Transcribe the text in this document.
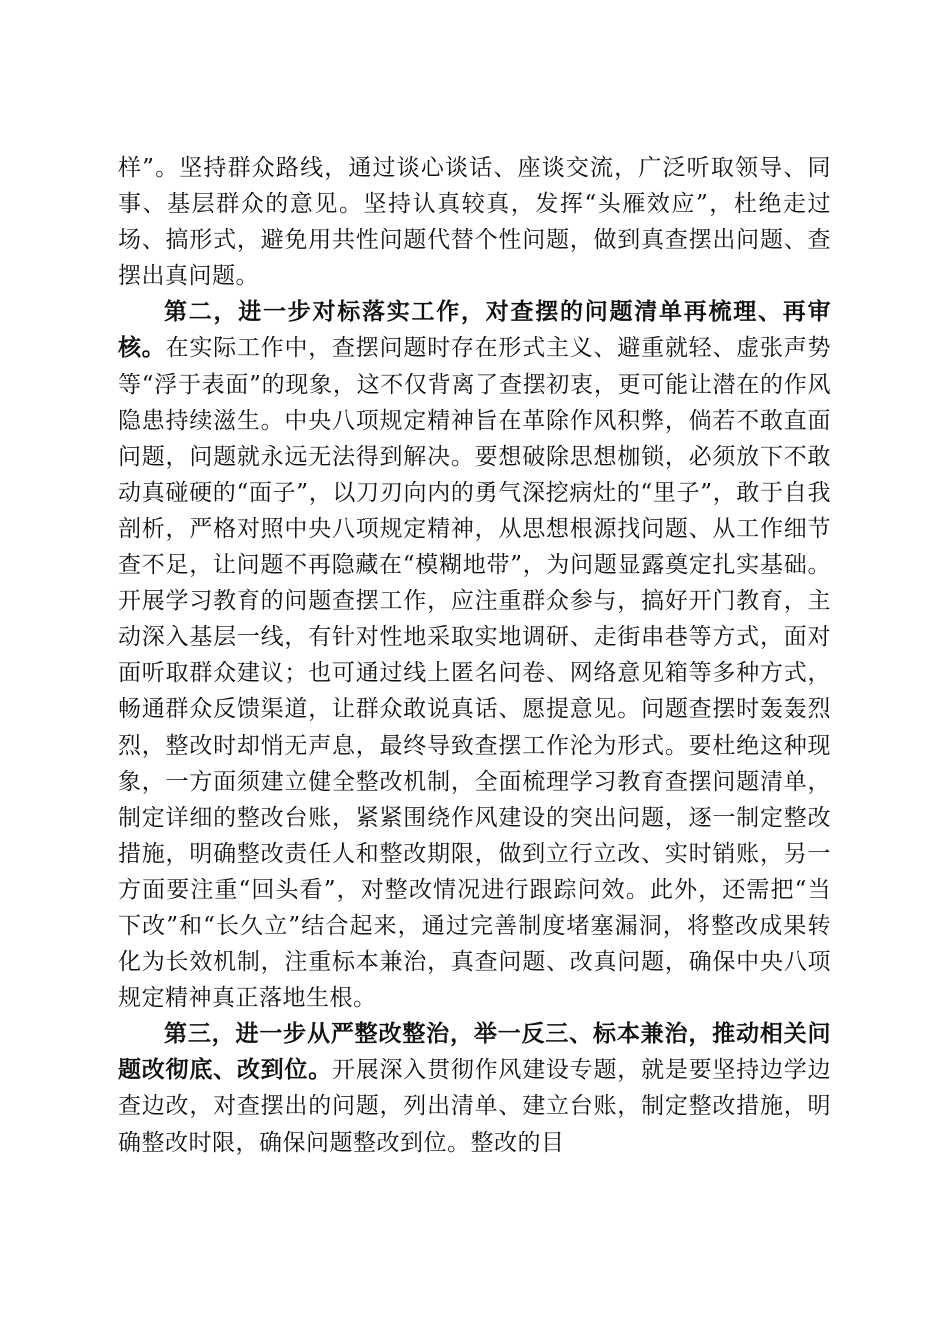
样”。坚持群众路线，通过谈心谈话、座谈交流，广泛听取领导、同事、基层群众的意见。坚持认真较真，发挥“头雁效应”，杜绝走过场、搞形式，避免用共性问题代替个性问题，做到真查摆出问题、查摆出真问题。

第二，进一步对标落实工作，对查摆的问题清单再梳理、再审核。在实际工作中，查摆问题时存在形式主义、避重就轻、虚张声势等“浮于表面”的现象，这不仅背离了查摆初衷，更可能让潜在的作风隐患持续滋生。中央八项规定精神旨在革除作风积弊，倘若不敢直面问题，问题就永远无法得到解决。要想破除思想枷锁，必须放下不敢动真碰硬的“面子”，以刀刃向内的勇气深挖病灶的“里子”，敢于自我剖析，严格对照中央八项规定精神，从思想根源找问题、从工作细节查不足，让问题不再隐藏在“模糊地带”，为问题显露奠定扎实基础。开展学习教育的问题查摆工作，应注重群众参与，搞好开门教育，主动深入基层一线，有针对性地采取实地调研、走街串巷等方式，面对面听取群众建议；也可通过线上匿名问卷、网络意见箱等多种方式，畅通群众反馈渠道，让群众敢说真话、愿提意见。问题查摆时轰轰烈烈，整改时却悄无声息，最终导致查摆工作沦为形式。要杜绝这种现象，一方面须建立健全整改机制，全面梳理学习教育查摆问题清单，制定详细的整改台账，紧紧围绕作风建设的突出问题，逐一制定整改措施，明确整改责任人和整改期限，做到立行立改、实时销账，另一方面要注重“回头看”，对整改情况进行跟踪问效。此外，还需把“当下改”和“长久立”结合起来，通过完善制度堵塞漏洞，将整改成果转化为长效机制，注重标本兼治，真查问题、改真问题，确保中央八项规定精神真正落地生根。

第三，进一步从严整改整治，举一反三、标本兼治，推动相关问题改彻底、改到位。开展深入贯彻作风建设专题，就是要坚持边学边查边改，对查摆出的问题，列出清单、建立台账，制定整改措施，明确整改时限，确保问题整改到位。整改的目
